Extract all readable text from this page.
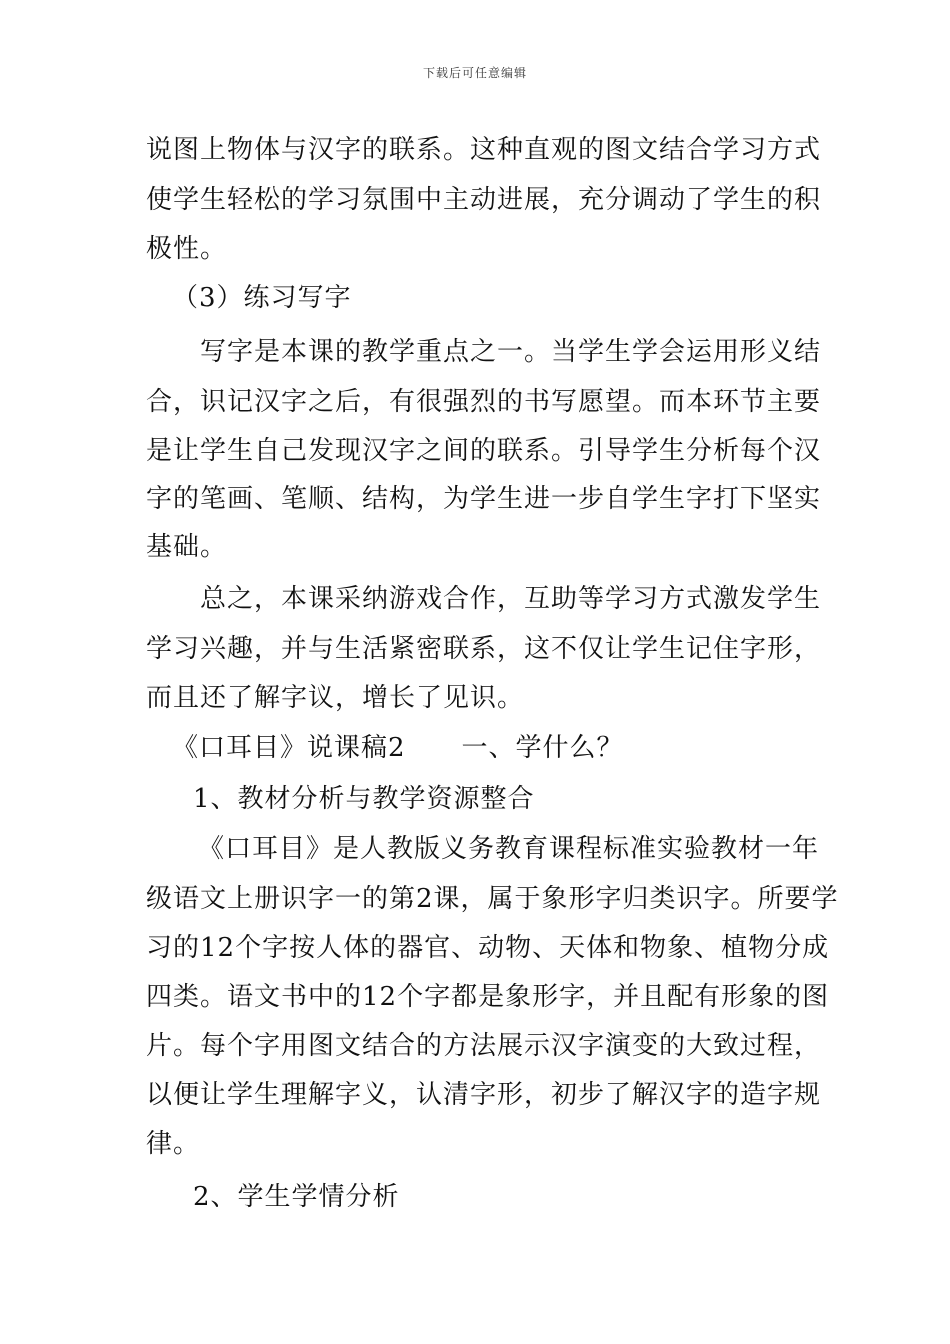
下载后可任意编辑
说图上物体与汉字的联系。这种直观的图文结合学习方式
使学生轻松的学习氛围中主动进展，充分调动了学生的积
极性。
（3）练习写字
写字是本课的教学重点之一。当学生学会运用形义结
合，识记汉字之后，有很强烈的书写愿望。而本环节主要
是让学生自己发现汉字之间的联系。引导学生分析每个汉
字的笔画、笔顺、结构，为学生进一步自学生字打下坚实
基础。
总之，本课采纳游戏合作，互助等学习方式激发学生
学习兴趣，并与生活紧密联系，这不仅让学生记住字形，
而且还了解字议，增长了见识。
《口耳目》说课稿2 一、学什么？
1、教材分析与教学资源整合
《口耳目》是人教版义务教育课程标准实验教材一年
级语文上册识字一的第2课，属于象形字归类识字。所要学
习的12个字按人体的器官、动物、天体和物象、植物分成
四类。语文书中的12个字都是象形字，并且配有形象的图
片。每个字用图文结合的方法展示汉字演变的大致过程，
以便让学生理解字义，认清字形，初步了解汉字的造字规
律。
2、学生学情分析
